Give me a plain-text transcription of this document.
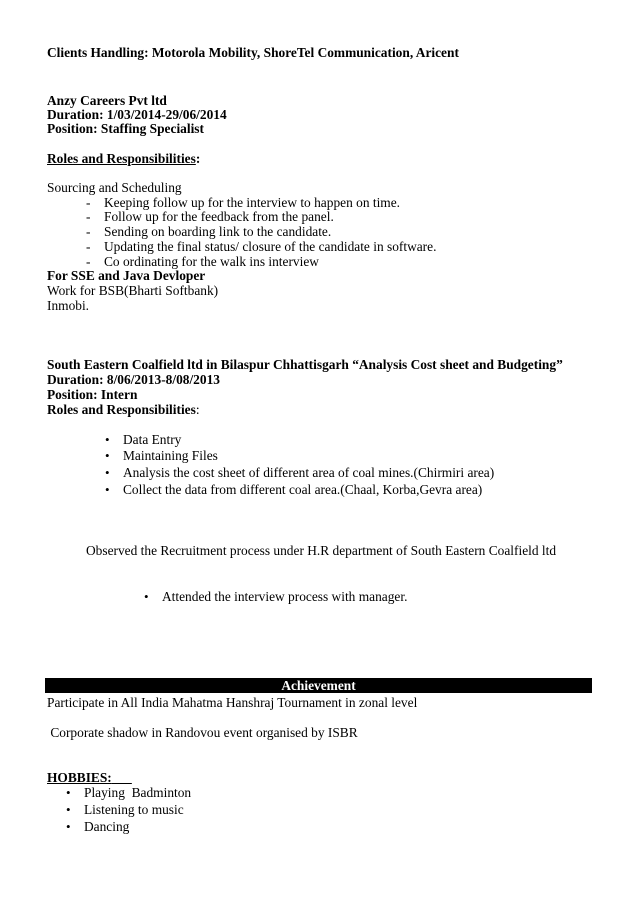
Clients Handling: Motorola Mobility, ShoreTel Communication, Aricent
Anzy Careers Pvt ltd
Duration: 1/03/2014-29/06/2014
Position: Staffing Specialist
Roles and Responsibilities:
Sourcing and Scheduling
- Keeping follow up for the interview to happen on time.
- Follow up for the feedback from the panel.
- Sending on boarding link to the candidate.
- Updating the final status/ closure of the candidate in software.
- Co ordinating for the walk ins interview
For SSE and Java Devloper
Work for BSB(Bharti Softbank)
Inmobi.
South Eastern Coalfield ltd in Bilaspur Chhattisgarh “Analysis Cost sheet and Budgeting”
Duration: 8/06/2013-8/08/2013
Position: Intern
Roles and Responsibilities:
• Data Entry
• Maintaining Files
• Analysis the cost sheet of different area of coal mines.(Chirmiri area)
• Collect the data from different coal area.(Chaal, Korba,Gevra area)
Observed the Recruitment process under H.R department of South Eastern Coalfield ltd
• Attended the interview process with manager.
Achievement
Participate in All India Mahatma Hanshraj Tournament in zonal level
Corporate shadow in Randovou event organised by ISBR
HOBBIES:
• Playing  Badminton
• Listening to music
• Dancing
